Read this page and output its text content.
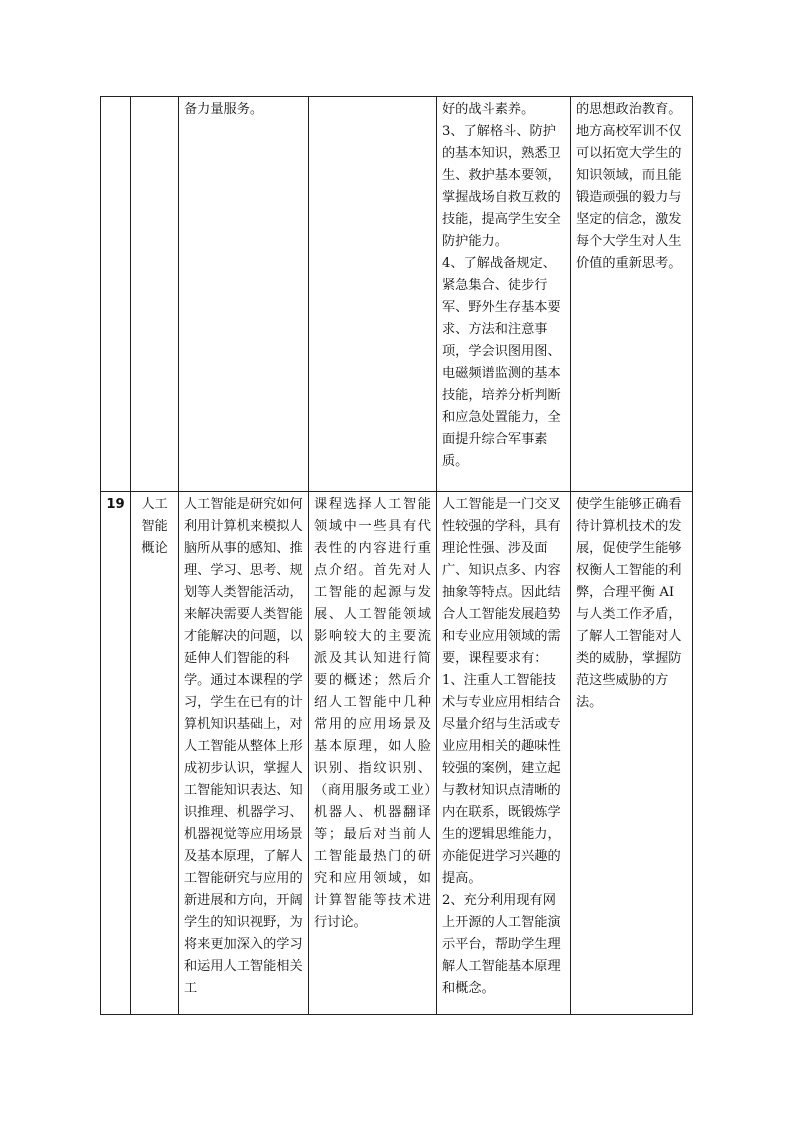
		备力量服务。		好的战斗素养。
3、了解格斗、防护的基本知识，熟悉卫生、救护基本要领，掌握战场自救互救的技能，提高学生安全防护能力。
4、了解战备规定、紧急集合、徒步行军、野外生存基本要求、方法和注意事项，学会识图用图、电磁频谱监测的基本技能，培养分析判断和应急处置能力，全面提升综合军事素质。	的思想政治教育。地方高校军训不仅可以拓宽大学生的知识领域，而且能锻造顽强的毅力与坚定的信念，激发每个大学生对人生价值的重新思考。
19	人工智能概论	人工智能是研究如何利用计算机来模拟人脑所从事的感知、推理、学习、思考、规划等人类智能活动，来解决需要人类智能才能解决的问题，以延伸人们智能的科学。通过本课程的学习，学生在已有的计算机知识基础上，对人工智能从整体上形成初步认识，掌握人工智能知识表达、知识推理、机器学习、机器视觉等应用场景及基本原理，了解人工智能研究与应用的新进展和方向，开阔学生的知识视野，为将来更加深入的学习和运用人工智能相关工	课程选择人工智能领域中一些具有代表性的内容进行重点介绍。首先对人工智能的起源与发展、人工智能领域影响较大的主要流派及其认知进行简要的概述；然后介绍人工智能中几种常用的应用场景及基本原理，如人脸识别、指纹识别、（商用服务或工业）机器人、机器翻译等；最后对当前人工智能最热门的研究和应用领域，如计算智能等技术进行讨论。	人工智能是一门交叉性较强的学科，具有理论性强、涉及面广、知识点多、内容抽象等特点。因此结合人工智能发展趋势和专业应用领域的需要，课程要求有：
1、注重人工智能技术与专业应用相结合尽量介绍与生活或专业应用相关的趣味性较强的案例，建立起与教材知识点清晰的内在联系，既锻炼学生的逻辑思维能力，亦能促进学习兴趣的提高。
2、充分利用现有网上开源的人工智能演示平台，帮助学生理解人工智能基本原理和概念。	使学生能够正确看待计算机技术的发展，促使学生能够权衡人工智能的利弊，合理平衡 AI 与人类工作矛盾，了解人工智能对人类的威胁，掌握防范这些威胁的方法。
